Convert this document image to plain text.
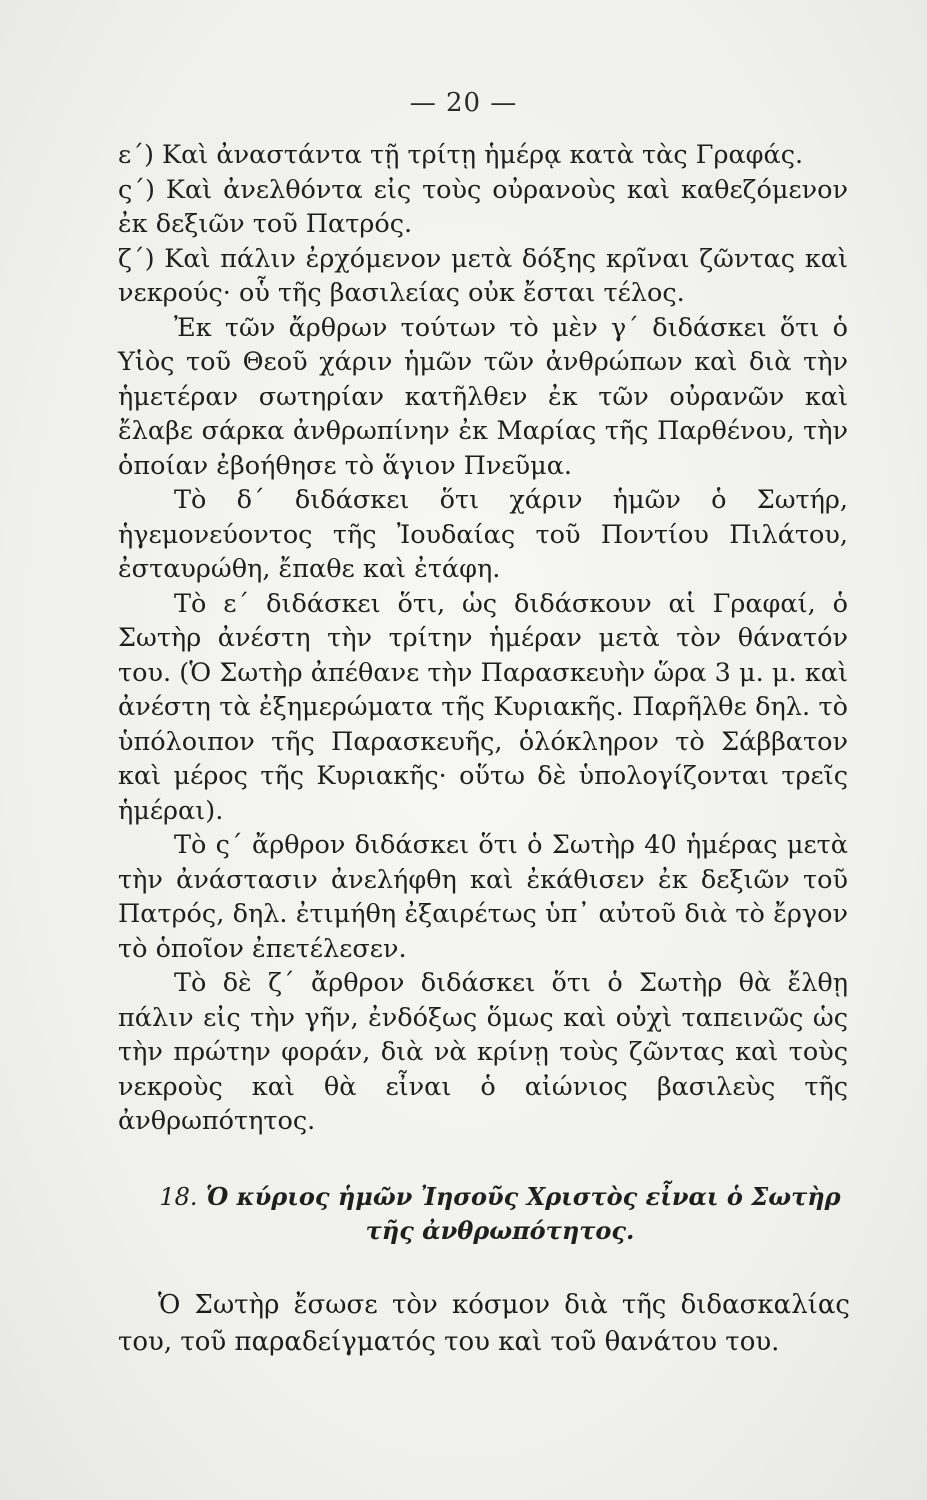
— 20 —

ε΄) Καὶ ἀναστάντα τῇ τρίτῃ ἡμέρᾳ κατὰ τὰς Γραφάς.

ς΄) Καὶ ἀνελθόντα εἰς τοὺς οὐρανοὺς καὶ καθεζόμενον ἐκ δεξιῶν τοῦ Πατρός.

ζ΄) Καὶ πάλιν ἐρχόμενον μετὰ δόξης κρῖναι ζῶντας καὶ νεκρούς· οὗ τῆς βασιλείας οὐκ ἔσται τέλος.

Ἐκ τῶν ἄρθρων τούτων τὸ μὲν γ΄ διδάσκει ὅτι ὁ Υἱὸς τοῦ Θεοῦ χάριν ἡμῶν τῶν ἀνθρώπων καὶ διὰ τὴν ἡμετέραν σωτηρίαν κατῆλθεν ἐκ τῶν οὐρανῶν καὶ ἔλαβε σάρκα ἀνθρωπίνην ἐκ Μαρίας τῆς Παρθένου, τὴν ὁποίαν ἐβοήθησε τὸ ἅγιον Πνεῦμα.

Τὸ δ΄ διδάσκει ὅτι χάριν ἡμῶν ὁ Σωτήρ, ἡγεμονεύοντος τῆς Ἰουδαίας τοῦ Ποντίου Πιλάτου, ἐσταυρώθη, ἔπαθε καὶ ἐτάφη.

Τὸ ε΄ διδάσκει ὅτι, ὡς διδάσκουν αἱ Γραφαί, ὁ Σωτὴρ ἀνέστη τὴν τρίτην ἡμέραν μετὰ τὸν θάνατόν του. (Ὁ Σωτὴρ ἀπέθανε τὴν Παρασκευὴν ὥρα 3 μ. μ. καὶ ἀνέστη τὰ ἐξημερώματα τῆς Κυριακῆς. Παρῆλθε δηλ. τὸ ὑπόλοιπον τῆς Παρασκευῆς, ὁλόκληρον τὸ Σάββατον καὶ μέρος τῆς Κυριακῆς· οὕτω δὲ ὑπολογίζονται τρεῖς ἡμέραι).

Τὸ ς΄ ἄρθρον διδάσκει ὅτι ὁ Σωτὴρ 40 ἡμέρας μετὰ τὴν ἀνάστασιν ἀνελήφθη καὶ ἐκάθισεν ἐκ δεξιῶν τοῦ Πατρός, δηλ. ἐτιμήθη ἐξαιρέτως ὑπ᾽ αὐτοῦ διὰ τὸ ἔργον τὸ ὁποῖον ἐπετέλεσεν.

Τὸ δὲ ζ΄ ἄρθρον διδάσκει ὅτι ὁ Σωτὴρ θὰ ἔλθῃ πάλιν εἰς τὴν γῆν, ἐνδόξως ὅμως καὶ οὐχὶ ταπεινῶς ὡς τὴν πρώτην φοράν, διὰ νὰ κρίνῃ τοὺς ζῶντας καὶ τοὺς νεκροὺς καὶ θὰ εἶναι ὁ αἰώνιος βασιλεὺς τῆς ἀνθρωπότητος.

18. Ὁ κύριος ἡμῶν Ἰησοῦς Χριστὸς εἶναι ὁ Σωτὴρ τῆς ἀνθρωπότητος.

Ὁ Σωτὴρ ἔσωσε τὸν κόσμον διὰ τῆς διδασκαλίας του, τοῦ παραδείγματός του καὶ τοῦ θανάτου του.
